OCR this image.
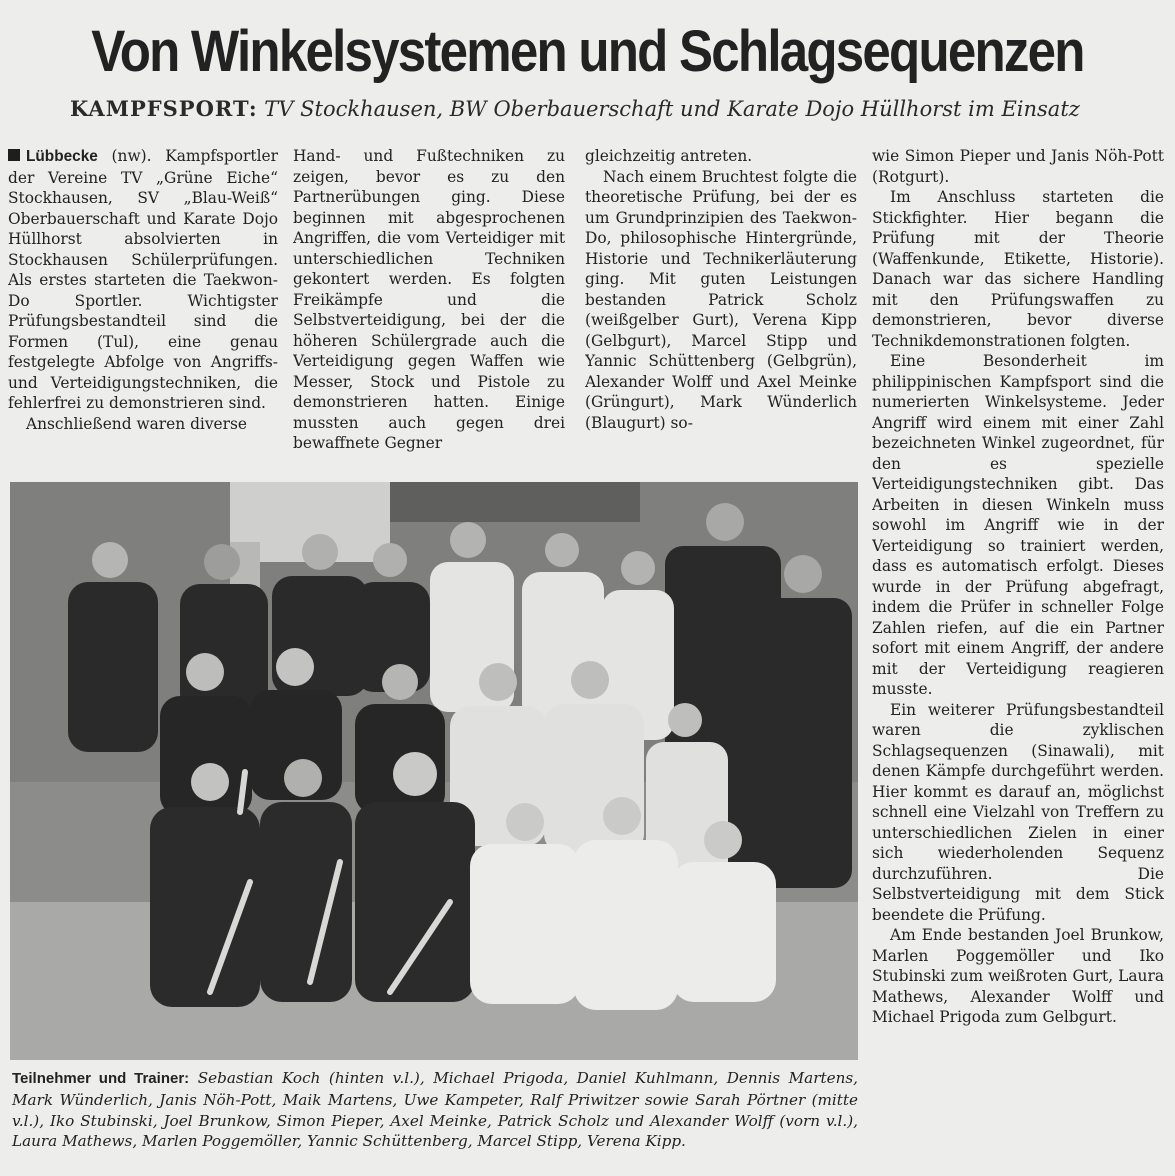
Von Winkelsystemen und Schlagsequenzen
KAMPFSPORT: TV Stockhausen, BW Oberbauerschaft und Karate Dojo Hüllhorst im Einsatz

Lübbecke (nw). Kampfsportler der Vereine TV „Grüne Eiche“ Stockhausen, SV „Blau-Weiß“ Oberbauerschaft und Karate Dojo Hüllhorst absolvierten in Stockhausen Schülerprüfungen. Als erstes starteten die Taekwon-Do Sportler. Wichtigster Prüfungsbestandteil sind die Formen (Tul), eine genau festgelegte Abfolge von Angriffs- und Verteidigungstechniken, die fehlerfrei zu demonstrieren sind.

Anschließend waren diverse

Hand- und Fußtechniken zu zeigen, bevor es zu den Partnerübungen ging. Diese beginnen mit abgesprochenen Angriffen, die vom Verteidiger mit unterschiedlichen Techniken gekontert werden. Es folgten Freikämpfe und die Selbstverteidigung, bei der die höheren Schülergrade auch die Verteidigung gegen Waffen wie Messer, Stock und Pistole zu demonstrieren hatten. Einige mussten auch gegen drei bewaffnete Gegner

gleichzeitig antreten.

Nach einem Bruchtest folgte die theoretische Prüfung, bei der es um Grundprinzipien des Taekwon-Do, philosophische Hintergründe, Historie und Technikerläuterung ging. Mit guten Leistungen bestanden Patrick Scholz (weißgelber Gurt), Verena Kipp (Gelbgurt), Marcel Stipp und Yannic Schüttenberg (Gelbgrün), Alexander Wolff und Axel Meinke (Grüngurt), Mark Wünderlich (Blaugurt) so-

wie Simon Pieper und Janis Nöh-Pott (Rotgurt).

Im Anschluss starteten die Stickfighter. Hier begann die Prüfung mit der Theorie (Waffenkunde, Etikette, Historie). Danach war das sichere Handling mit den Prüfungswaffen zu demonstrieren, bevor diverse Technikdemonstrationen folgten.

Eine Besonderheit im philippinischen Kampfsport sind die numerierten Winkelsysteme. Jeder Angriff wird einem mit einer Zahl bezeichneten Winkel zugeordnet, für den es spezielle Verteidigungstechniken gibt. Das Arbeiten in diesen Winkeln muss sowohl im Angriff wie in der Verteidigung so trainiert werden, dass es automatisch erfolgt. Dieses wurde in der Prüfung abgefragt, indem die Prüfer in schneller Folge Zahlen riefen, auf die ein Partner sofort mit einem Angriff, der andere mit der Verteidigung reagieren musste.

Ein weiterer Prüfungsbestandteil waren die zyklischen Schlagsequenzen (Sinawali), mit denen Kämpfe durchgeführt werden. Hier kommt es darauf an, möglichst schnell eine Vielzahl von Treffern zu unterschiedlichen Zielen in einer sich wiederholenden Sequenz durchzuführen. Die Selbstverteidigung mit dem Stick beendete die Prüfung.

Am Ende bestanden Joel Brunkow, Marlen Poggemöller und Iko Stubinski zum weißroten Gurt, Laura Mathews, Alexander Wolff und Michael Prigoda zum Gelbgurt.

Teilnehmer und Trainer: Sebastian Koch (hinten v.l.), Michael Prigoda, Daniel Kuhlmann, Dennis Martens, Mark Wünderlich, Janis Nöh-Pott, Maik Martens, Uwe Kampeter, Ralf Priwitzer sowie Sarah Pörtner (mitte v.l.), Iko Stubinski, Joel Brunkow, Simon Pieper, Axel Meinke, Patrick Scholz und Alexander Wolff (vorn v.l.), Laura Mathews, Marlen Poggemöller, Yannic Schüttenberg, Marcel Stipp, Verena Kipp.
